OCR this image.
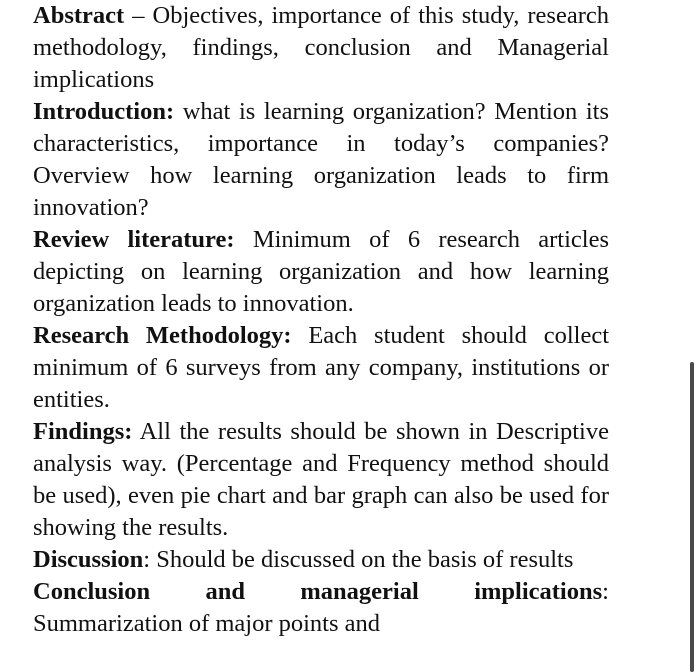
Abstract – Objectives, importance of this study, research methodology, findings, conclusion and Managerial implications

Introduction: what is learning organization? Mention its characteristics, importance in today’s companies? Overview how learning organization leads to firm innovation?

Review literature: Minimum of 6 research articles depicting on learning organization and how learning organization leads to innovation.

Research Methodology: Each student should collect minimum of 6 surveys from any company, institutions or entities.

Findings: All the results should be shown in Descriptive analysis way. (Percentage and Frequency method should be used), even pie chart and bar graph can also be used for showing the results.

Discussion: Should be discussed on the basis of results

Conclusion and managerial implications:
Summarization of major points and
